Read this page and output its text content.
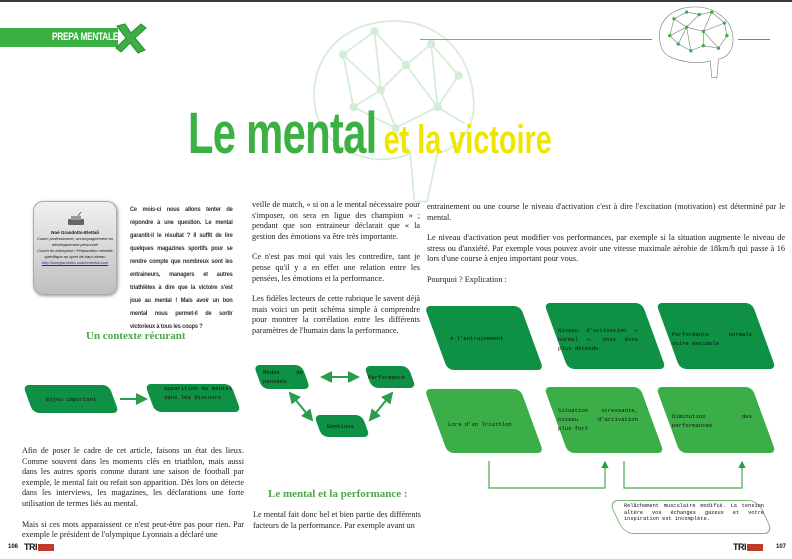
PREPA MENTALE
Le mental et la victoire

Noé Grandotto-Elettali

Coach professionnel, accompagnement en

développement personnel

Coach en entreprise / Préparation mentale

spécifique au sport de haut niveau

http://noegrandotto-coachmental.com

Ce mois-ci nous allons tenter de répondre à une question. Le mental garantit-il le résultat ? Il suffit de lire quelques magazines sportifs pour se rendre compte que nombreux sont les entraineurs, managers et autres triathlètes à dire que la victoire s'est joué au mental ! Mais avoir un bon mental nous permet-il de sortir victorieux à tous les coups ?
Un contexte récurant
Enjeu important
Apparition du mental dans les discours

Afin de poser le cadre de cet article, faisons un état des lieux. Comme souvent dans les moments clés en triathlon, mais aussi dans les autres sports comme durant une saison de football par exemple, le mental fait ou refait son apparition. Dès lors on détecte dans les interviews, les magazines, les déclarations une forte utilisation de termes liés au mental.

Mais si ces mots apparaissent ce n'est peut-être pas pour rien. Par exemple le président de l'olympique Lyonnais a déclaré une

veille de match, « si on a le mental nécessaire pour s'imposer, on sera en ligue des champion » ; pendant que son entraineur déclarait que « la gestion des émotions va être très importante.

Ce n'est pas moi qui vais les contredire, tant je pense qu'il y a en effet une relation entre les pensées, les émotions et la performance.

Les fidèles lecteurs de cette rubrique le savent déjà mais voici un petit schéma simple à comprendre pour montrer la corrélation entre les différents paramètres de l'humain dans la performance.

Modes de pensées
Performance
Emotions
Le mental et la performance :

Le mental fait donc bel et bien partie des différents facteurs de la performance. Par exemple avant un

entrainement ou une course le niveau d'activation c'est à dire l'excitation (motivation) est déterminé par le mental.

Le niveau d'activation peut modifier vos performances, par exemple si la situation augmente le niveau de stress ou d'anxiété. Par exemple vous pouvez avoir une vitesse maximale aérobie de 18km/h qui passe à 16 lors d'une course à enjeu important pour vous.

Pourquoi ? Explication :

A l'entrainement
Niveau d'activation « normal ». Vous êtes plus détendu
Performance normale voire maximale
Lors d'un Triathlon
Situation stressante, niveau d'activation plus fort
Diminution des performances
Relâchement musculaire modifié. La tension altère vos échanges gazeux et votre inspiration est incomplète.
106 TRI	TRI	107
